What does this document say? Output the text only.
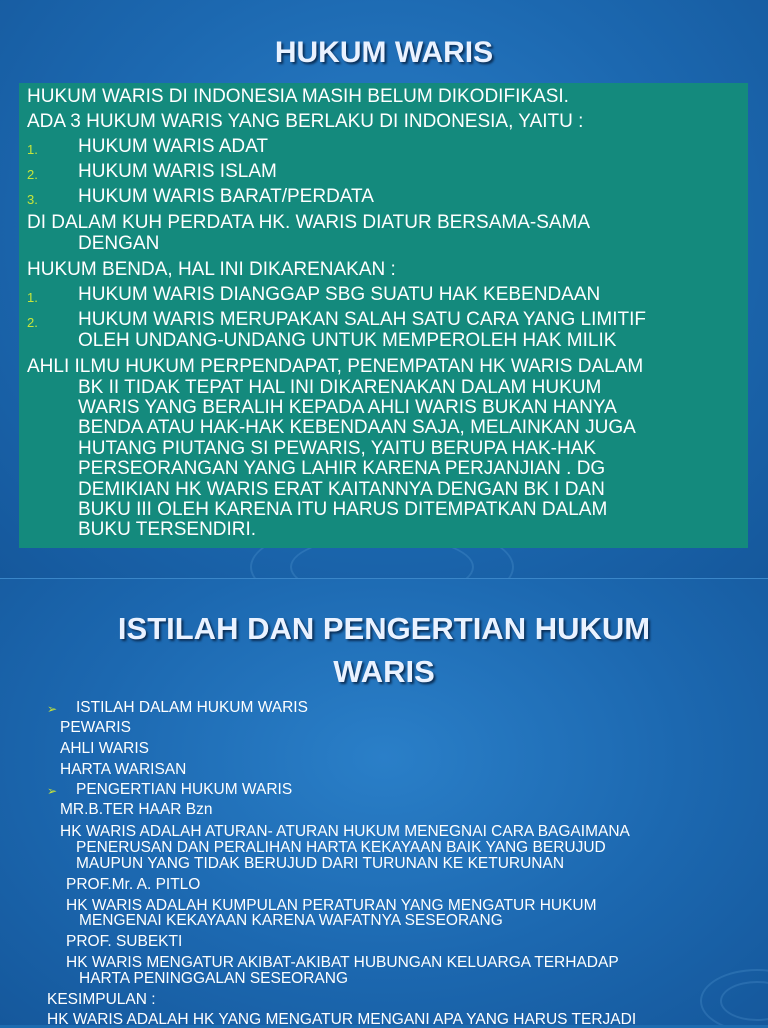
HUKUM WARIS
HUKUM WARIS DI INDONESIA MASIH BELUM DIKODIFIKASI.
ADA 3 HUKUM WARIS YANG BERLAKU DI INDONESIA, YAITU :
1. HUKUM WARIS ADAT
2. HUKUM WARIS ISLAM
3. HUKUM WARIS BARAT/PERDATA
DI DALAM KUH PERDATA HK. WARIS DIATUR BERSAMA-SAMA
DENGAN
HUKUM BENDA, HAL INI DIKARENAKAN :
1. HUKUM WARIS DIANGGAP SBG SUATU HAK KEBENDAAN
2. HUKUM WARIS MERUPAKAN SALAH SATU CARA YANG LIMITIF
OLEH UNDANG-UNDANG UNTUK MEMPEROLEH HAK MILIK
AHLI ILMU HUKUM PERPENDAPAT, PENEMPATAN HK WARIS DALAM
BK II TIDAK TEPAT HAL INI DIKARENAKAN DALAM HUKUM
WARIS YANG BERALIH KEPADA AHLI WARIS BUKAN HANYA
BENDA ATAU HAK-HAK KEBENDAAN SAJA, MELAINKAN JUGA
HUTANG PIUTANG SI PEWARIS, YAITU BERUPA HAK-HAK
PERSEORANGAN YANG LAHIR KARENA PERJANJIAN . DG
DEMIKIAN HK WARIS ERAT KAITANNYA DENGAN BK I DAN
BUKU III OLEH KARENA ITU HARUS DITEMPATKAN DALAM
BUKU TERSENDIRI.
ISTILAH DAN PENGERTIAN HUKUM
WARIS
➢ ISTILAH DALAM HUKUM WARIS
PEWARIS
AHLI WARIS
HARTA WARISAN
➢ PENGERTIAN HUKUM WARIS
MR.B.TER HAAR Bzn
HK WARIS ADALAH ATURAN- ATURAN HUKUM MENEGNAI CARA BAGAIMANA
PENERUSAN DAN PERALIHAN HARTA KEKAYAAN BAIK YANG BERUJUD
MAUPUN YANG TIDAK BERUJUD DARI TURUNAN KE KETURUNAN
PROF.Mr. A. PITLO
HK WARIS ADALAH KUMPULAN PERATURAN YANG MENGATUR HUKUM
MENGENAI KEKAYAAN KARENA WAFATNYA SESEORANG
PROF. SUBEKTI
HK WARIS MENGATUR AKIBAT-AKIBAT HUBUNGAN KELUARGA TERHADAP
HARTA PENINGGALAN SESEORANG
KESIMPULAN :
HK WARIS ADALAH HK YANG MENGATUR MENGANI APA YANG HARUS TERJADI
